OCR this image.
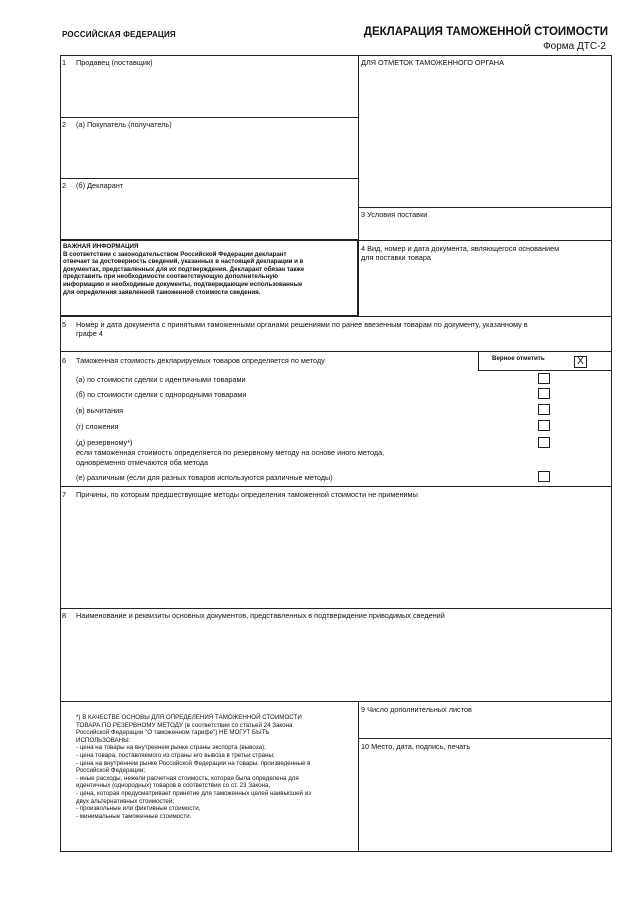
РОССИЙСКАЯ ФЕДЕРАЦИЯ	ДЕКЛАРАЦИЯ ТАМОЖЕННОЙ СТОИМОСТИ
Форма ДТС-2
1 Продавец (поставщик)	ДЛЯ ОТМЕТОК ТАМОЖЕННОГО ОРГАНА
2 (а) Покупатель (получатель)
2 (б) Декларант
3 Условия поставки
ВАЖНАЯ ИНФОРМАЦИЯ
В соответствии с законодательством Российской Федерации декларант
отвечает за достоверность сведений, указанных в настоящей декларации и в
документах, представленных для их подтверждения. Декларант обязан также
представить при необходимости соответствующую дополнительную
информацию и необходимые документы, подтверждающие использованные
для определения заявленной таможенной стоимости сведения.
4 Вид, номер и дата документа, являющегося основанием
для поставки товара
5 Номер и дата документа с принятыми таможенными органами решениями по ранее ввезенным товарам по документу, указанному в
графе 4
6 Таможенная стоимость декларируемых товаров определяется по методу	Верное отметить	X
(а) по стоимости сделки с идентичными товарами
(б) по стоимости сделки с однородными товарами
(в) вычитания
(г) сложения
(д) резервному*)
если таможенная стоимость определяется по резервному методу на основе иного метода,
одновременно отмечаются оба метода
(е) различным (если для разных товаров используются различные методы)
7 Причины, по которым предшествующие методы определения таможенной стоимости не применимы
8 Наименование и реквизиты основных документов, представленных в подтверждение приводимых сведений
9 Число дополнительных листов
10 Место, дата, подпись, печать
*) В КАЧЕСТВЕ ОСНОВЫ ДЛЯ ОПРЕДЕЛЕНИЯ ТАМОЖЕННОЙ СТОИМОСТИ
ТОВАРА ПО РЕЗЕРВНОМУ МЕТОДУ (в соответствии со статьей 24 Закона
Российской Федерации "О таможенном тарифе") НЕ МОГУТ БЫТЬ
ИСПОЛЬЗОВАНЫ:
- цена на товары на внутреннем рынке страны экспорта (вывоза);
- цена товара, поставляемого из страны его вывоза в третьи страны;
- цена на внутреннем рынке Российской Федерации на товары, произведенные в
Российской Федерации;
- иные расходы, нежели расчетная стоимость, которая была определена для
идентичных (однородных) товаров в соответствии со ст. 23 Закона,
- цена, которая предусматривает принятие для таможенных целей наивысшей из
двух альтернативных стоимостей;
- произвольные или фиктивные стоимости,
- минимальные таможенные стоимости.
